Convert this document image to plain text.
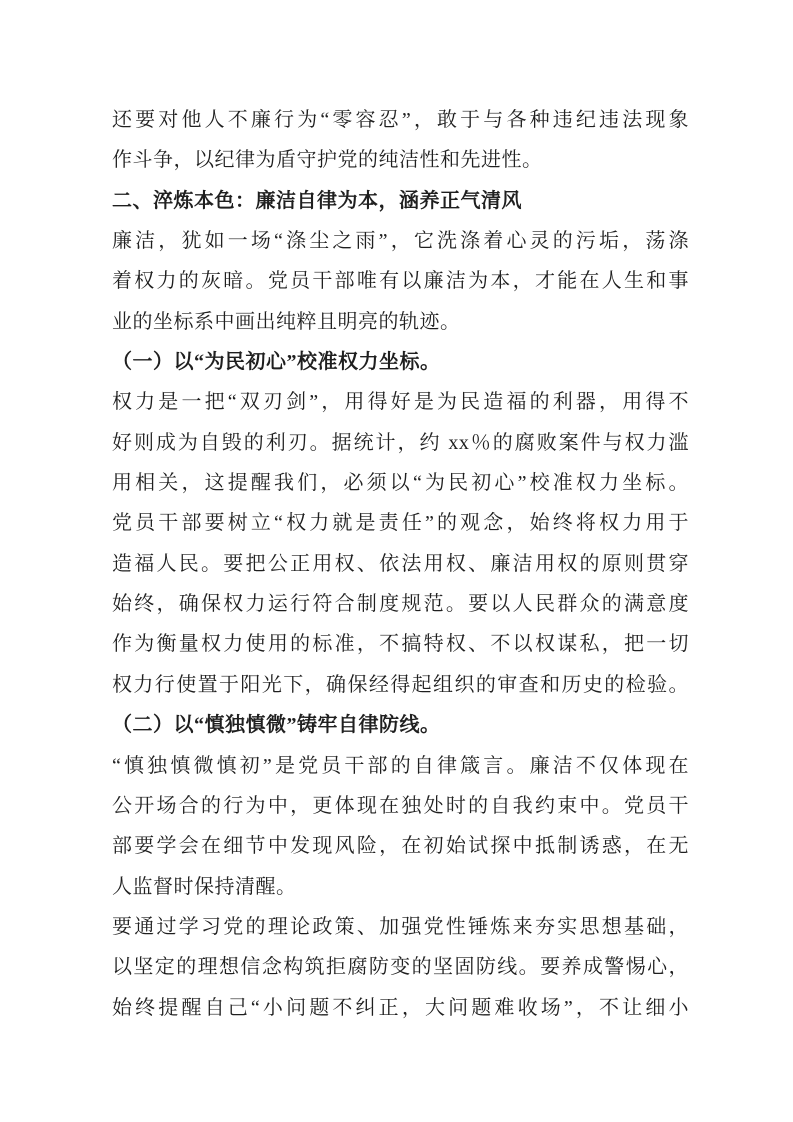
还要对他人不廉行为“零容忍”，敢于与各种违纪违法现象
作斗争，以纪律为盾守护党的纯洁性和先进性。
二、淬炼本色：廉洁自律为本，涵养正气清风
廉洁，犹如一场“涤尘之雨”，它洗涤着心灵的污垢，荡涤
着权力的灰暗。党员干部唯有以廉洁为本，才能在人生和事
业的坐标系中画出纯粹且明亮的轨迹。
（一）以“为民初心”校准权力坐标。
权力是一把“双刃剑”，用得好是为民造福的利器，用得不
好则成为自毁的利刃。据统计，约 xx％的腐败案件与权力滥
用相关，这提醒我们，必须以“为民初心”校准权力坐标。
党员干部要树立“权力就是责任”的观念，始终将权力用于
造福人民。要把公正用权、依法用权、廉洁用权的原则贯穿
始终，确保权力运行符合制度规范。要以人民群众的满意度
作为衡量权力使用的标准，不搞特权、不以权谋私，把一切
权力行使置于阳光下，确保经得起组织的审查和历史的检验。
（二）以“慎独慎微”铸牢自律防线。
“慎独慎微慎初”是党员干部的自律箴言。廉洁不仅体现在
公开场合的行为中，更体现在独处时的自我约束中。党员干
部要学会在细节中发现风险，在初始试探中抵制诱惑，在无
人监督时保持清醒。
要通过学习党的理论政策、加强党性锤炼来夯实思想基础，
以坚定的理想信念构筑拒腐防变的坚固防线。要养成警惕心，
始终提醒自己“小问题不纠正，大问题难收场”，不让细小
